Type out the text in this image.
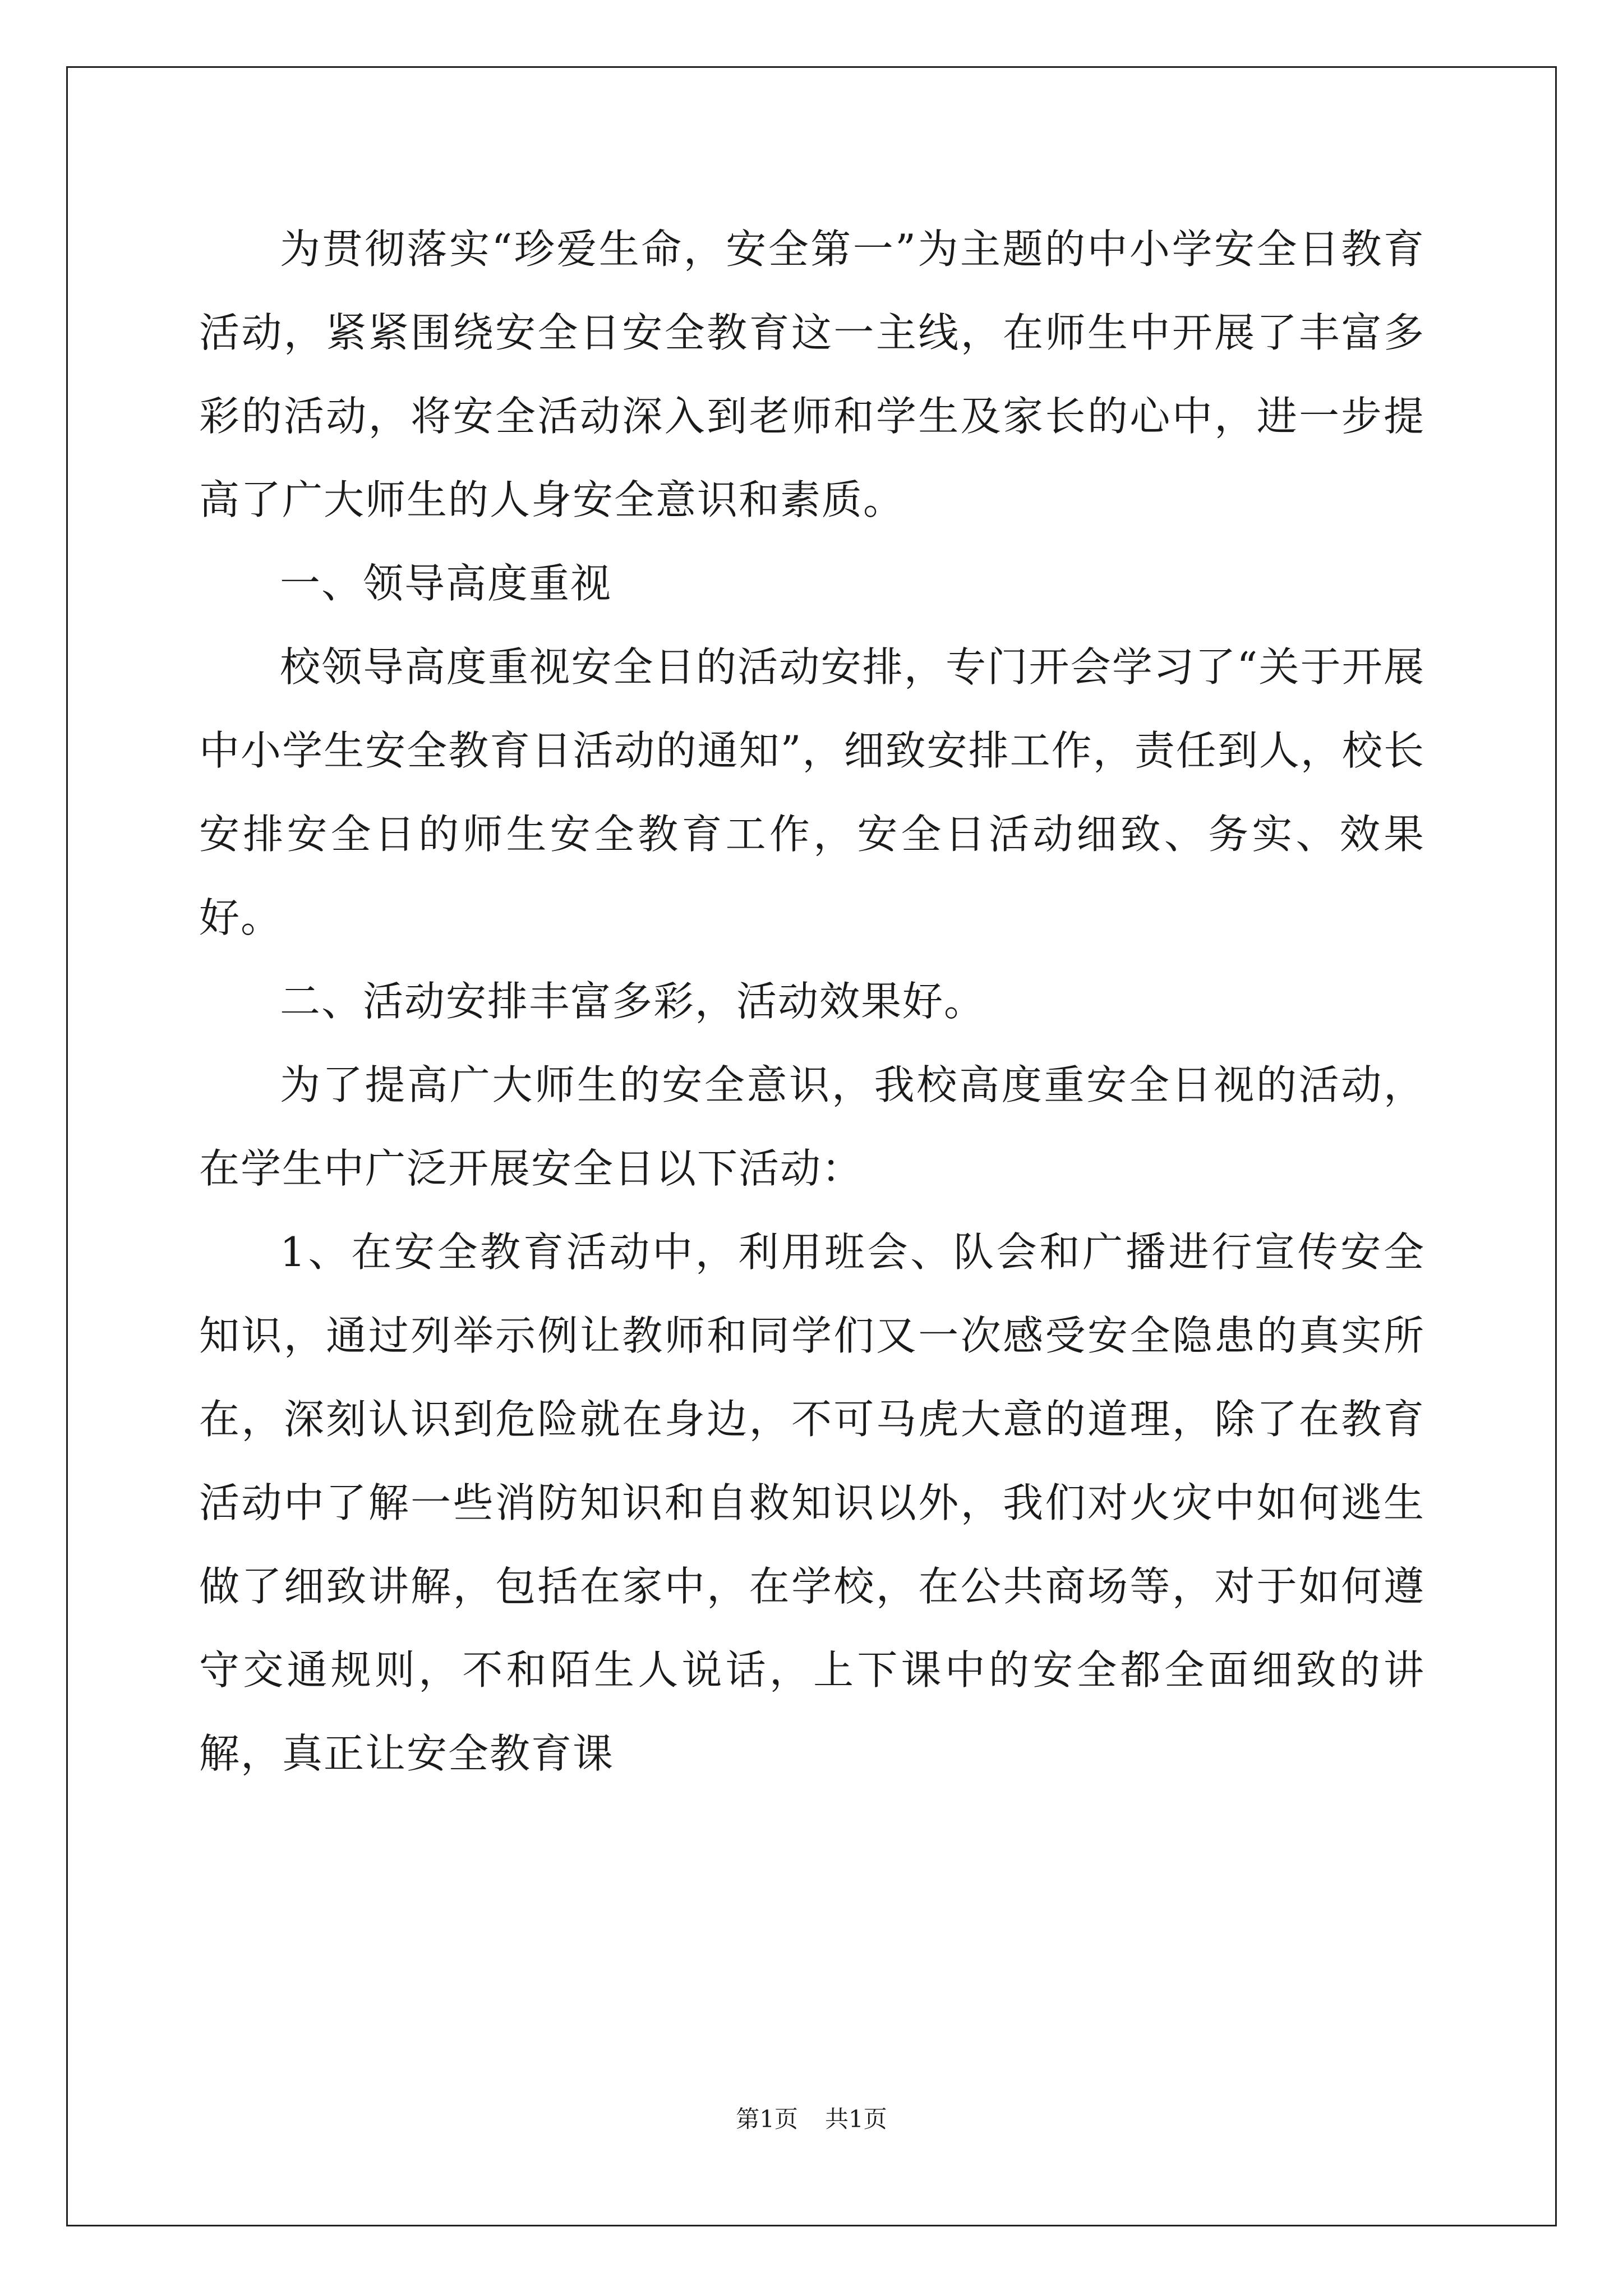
为贯彻落实“珍爱生命，安全第一”为主题的中小学安全日教育活动，紧紧围绕安全日安全教育这一主线，在师生中开展了丰富多彩的活动，将安全活动深入到老师和学生及家长的心中，进一步提高了广大师生的人身安全意识和素质。

一、领导高度重视

校领导高度重视安全日的活动安排，专门开会学习了“关于开展中小学生安全教育日活动的通知”，细致安排工作，责任到人，校长安排安全日的师生安全教育工作，安全日活动细致、务实、效果好。

二、活动安排丰富多彩，活动效果好。

为了提高广大师生的安全意识，我校高度重安全日视的活动，在学生中广泛开展安全日以下活动：

1、在安全教育活动中，利用班会、队会和广播进行宣传安全知识，通过列举示例让教师和同学们又一次感受安全隐患的真实所在，深刻认识到危险就在身边，不可马虎大意的道理，除了在教育活动中了解一些消防知识和自救知识以外，我们对火灾中如何逃生做了细致讲解，包括在家中，在学校，在公共商场等，对于如何遵守交通规则，不和陌生人说话，上下课中的安全都全面细致的讲解，真正让安全教育课

第1页 共1页
